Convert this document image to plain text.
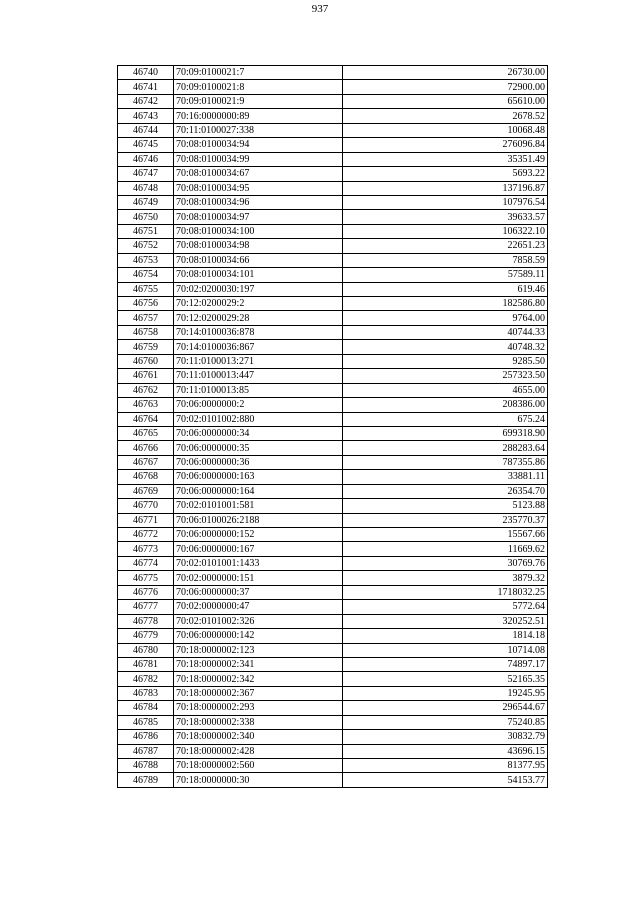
937
46740	70:09:0100021:7	26730.00
46741	70:09:0100021:8	72900.00
46742	70:09:0100021:9	65610.00
46743	70:16:0000000:89	2678.52
46744	70:11:0100027:338	10068.48
46745	70:08:0100034:94	276096.84
46746	70:08:0100034:99	35351.49
46747	70:08:0100034:67	5693.22
46748	70:08:0100034:95	137196.87
46749	70:08:0100034:96	107976.54
46750	70:08:0100034:97	39633.57
46751	70:08:0100034:100	106322.10
46752	70:08:0100034:98	22651.23
46753	70:08:0100034:66	7858.59
46754	70:08:0100034:101	57589.11
46755	70:02:0200030:197	619.46
46756	70:12:0200029:2	182586.80
46757	70:12:0200029:28	9764.00
46758	70:14:0100036:878	40744.33
46759	70:14:0100036:867	40748.32
46760	70:11:0100013:271	9285.50
46761	70:11:0100013:447	257323.50
46762	70:11:0100013:85	4655.00
46763	70:06:0000000:2	208386.00
46764	70:02:0101002:880	675.24
46765	70:06:0000000:34	699318.90
46766	70:06:0000000:35	288283.64
46767	70:06:0000000:36	787355.86
46768	70:06:0000000:163	33881.11
46769	70:06:0000000:164	26354.70
46770	70:02:0101001:581	5123.88
46771	70:06:0100026:2188	235770.37
46772	70:06:0000000:152	15567.66
46773	70:06:0000000:167	11669.62
46774	70:02:0101001:1433	30769.76
46775	70:02:0000000:151	3879.32
46776	70:06:0000000:37	1718032.25
46777	70:02:0000000:47	5772.64
46778	70:02:0101002:326	320252.51
46779	70:06:0000000:142	1814.18
46780	70:18:0000002:123	10714.08
46781	70:18:0000002:341	74897.17
46782	70:18:0000002:342	52165.35
46783	70:18:0000002:367	19245.95
46784	70:18:0000002:293	296544.67
46785	70:18:0000002:338	75240.85
46786	70:18:0000002:340	30832.79
46787	70:18:0000002:428	43696.15
46788	70:18:0000002:560	81377.95
46789	70:18:0000000:30	54153.77
